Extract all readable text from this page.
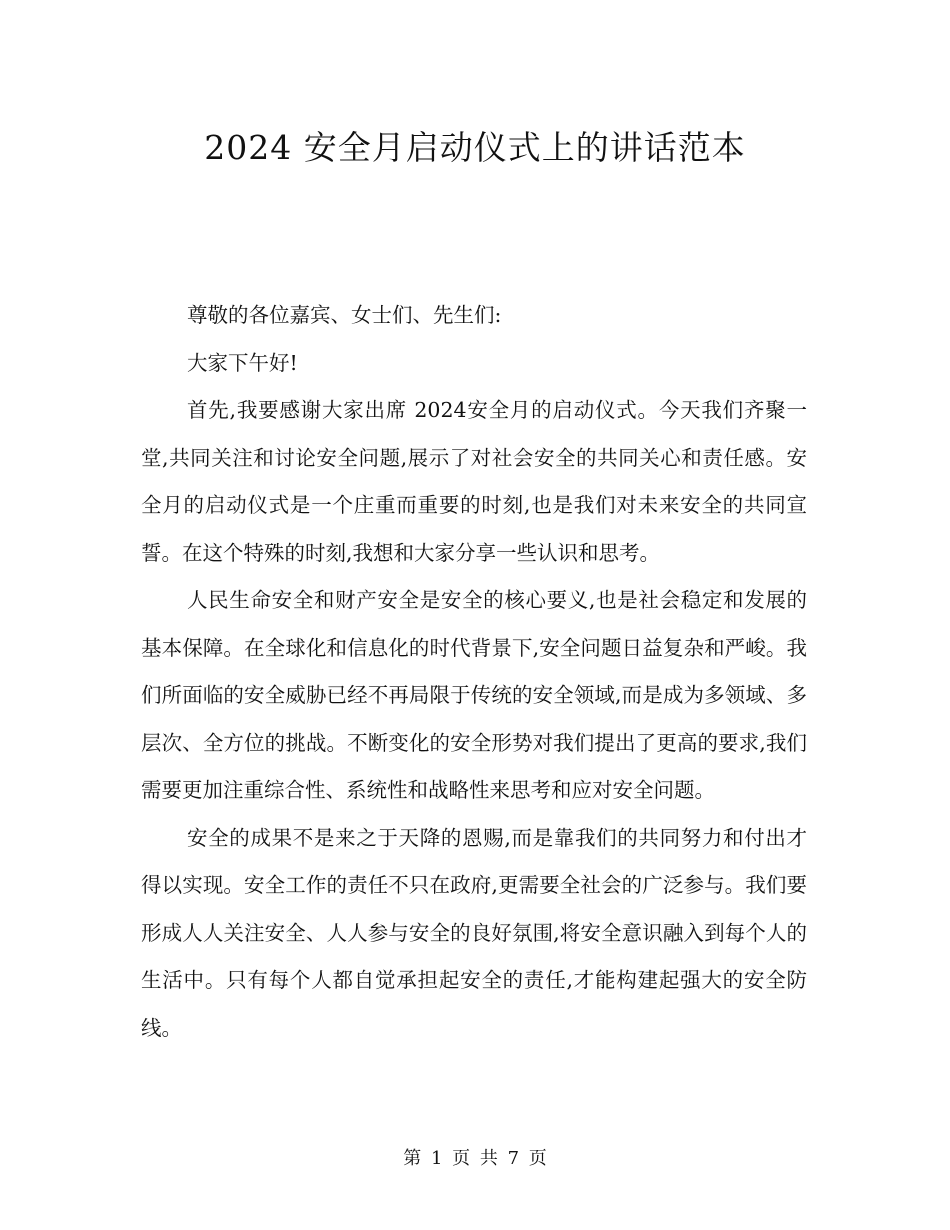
2024 安全月启动仪式上的讲话范本

尊敬的各位嘉宾、女士们、先生们:

大家下午好!

首先,我要感谢大家出席 2024安全月的启动仪式。今天我们齐聚一堂,共同关注和讨论安全问题,展示了对社会安全的共同关心和责任感。安全月的启动仪式是一个庄重而重要的时刻,也是我们对未来安全的共同宣誓。在这个特殊的时刻,我想和大家分享一些认识和思考。

人民生命安全和财产安全是安全的核心要义,也是社会稳定和发展的基本保障。在全球化和信息化的时代背景下,安全问题日益复杂和严峻。我们所面临的安全威胁已经不再局限于传统的安全领域,而是成为多领域、多层次、全方位的挑战。不断变化的安全形势对我们提出了更高的要求,我们需要更加注重综合性、系统性和战略性来思考和应对安全问题。

安全的成果不是来之于天降的恩赐,而是靠我们的共同努力和付出才得以实现。安全工作的责任不只在政府,更需要全社会的广泛参与。我们要形成人人关注安全、人人参与安全的良好氛围,将安全意识融入到每个人的生活中。只有每个人都自觉承担起安全的责任,才能构建起强大的安全防线。

第 1 页 共 7 页
